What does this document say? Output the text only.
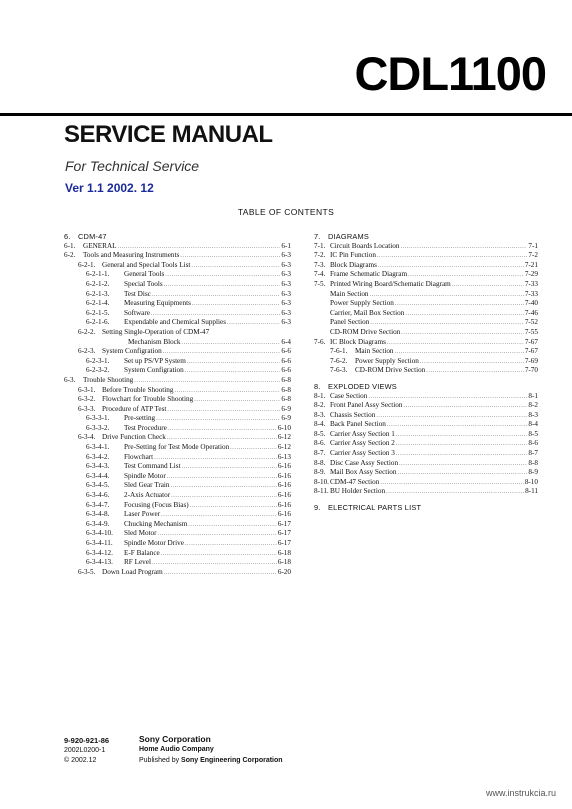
CDL1100
SERVICE MANUAL
For Technical Service
Ver 1.1 2002. 12
TABLE OF CONTENTS
6.	CDM-47
6-1.	GENERAL .....	6-1
6-2.	Tools and Measuring Instruments .....	6-3
6-2-1. General and Special Tools List .....	6-3
6-2-1-1.	General Tools .....	6-3
6-2-1-2.	Special Tools .....	6-3
6-2-1-3.	Test Disc .....	6-3
6-2-1-4.	Measuring Equipments .....	6-3
6-2-1-5.	Software .....	6-3
6-2-1-6.	Expendable and Chemical Supplies .....	6-3
6-2-2. Setting Single-Operation of CDM-47
Mechanism Block .....	6-4
6-2-3. System Configration .....	6-6
6-2-3-1.	Set up PS/VP System .....	6-6
6-2-3-2.	System Configration .....	6-6
6-3.	Trouble Shooting .....	6-8
6-3-1. Before Trouble Shooting .....	6-8
6-3-2. Flowchart for Trouble Shooting .....	6-8
6-3-3. Procedure of ATP Test .....	6-9
6-3-3-1.	Pre-setting .....	6-9
6-3-3-2.	Test Procedure .....	6-10
6-3-4. Drive Function Check .....	6-12
6-3-4-1.	Pre-Setting for Test Mode Operation .....	6-12
6-3-4-2.	Flowchart .....	6-13
6-3-4-3.	Test Command List .....	6-16
6-3-4-4.	Spindle Motor .....	6-16
6-3-4-5.	Sled Gear Train .....	6-16
6-3-4-6.	2-Axis Actuator .....	6-16
6-3-4-7.	Focusing (Focus Bias) .....	6-16
6-3-4-8.	Laser Power .....	6-16
6-3-4-9.	Chucking Mechanism .....	6-17
6-3-4-10.	Sled Motor .....	6-17
6-3-4-11.	Spindle Motor Drive .....	6-17
6-3-4-12.	E-F Balance .....	6-18
6-3-4-13.	RF Level .....	6-18
6-3-5. Down Load Program .....	6-20
7.	DIAGRAMS
7-1. Circuit Boards Location .....	7-1
7-2. IC Pin Function .....	7-2
7-3. Block Diagrams .....	7-21
7-4. Frame Schematic Diagram .....	7-29
7-5. Printed Wiring Board/Schematic Diagram .....	7-33
Main Section .....	7-33
Power Supply Section .....	7-40
Carrier, Mail Box Section .....	7-46
Panel Section .....	7-52
CD-ROM Drive Section .....	7-55
7-6. IC Block Diagrams .....	7-67
7-6-1.	Main Section .....	7-67
7-6-2.	Power Supply Section .....	7-69
7-6-3.	CD-ROM Drive Section .....	7-70
8.	EXPLODED VIEWS
8-1. Case Section .....	8-1
8-2. Front Panel Assy Section .....	8-2
8-3. Chassis Section .....	8-3
8-4. Back Panel Section .....	8-4
8-5. Carrier Assy Section 1 .....	8-5
8-6. Carrier Assy Section 2 .....	8-6
8-7. Carrier Assy Section 3 .....	8-7
8-8. Disc Case Assy Section .....	8-8
8-9. Mail Box Assy Section .....	8-9
8-10. CDM-47 Section .....	8-10
8-11. BU Holder Section .....	8-11
9.	ELECTRICAL PARTS LIST
9-920-921-86
2002L0200-1
© 2002.12
Sony Corporation
Home Audio Company
Published by Sony Engineering Corporation
www.instrukcia.ru
